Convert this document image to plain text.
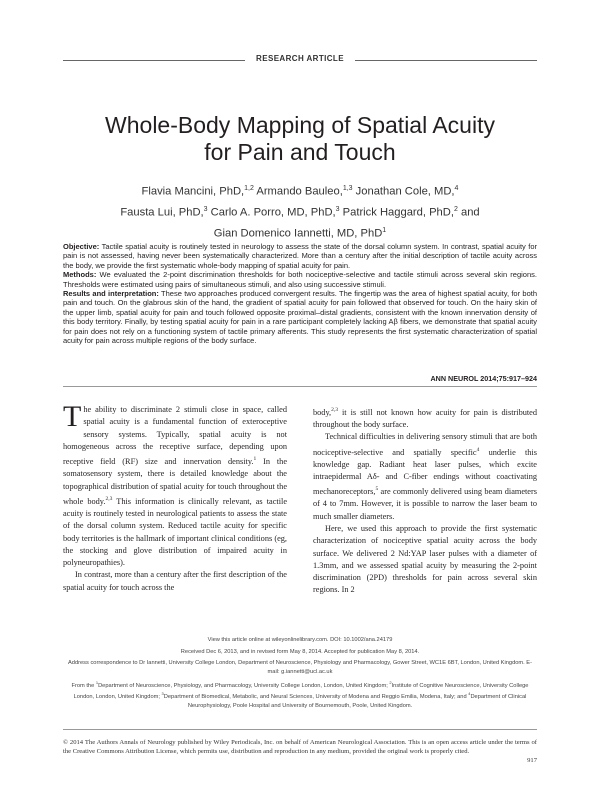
RESEARCH ARTICLE
Whole-Body Mapping of Spatial Acuity
for Pain and Touch
Flavia Mancini, PhD,$^{1,2}$ Armando Bauleo,$^{1,3}$ Jonathan Cole, MD,$^4$
Fausta Lui, PhD,$^3$ Carlo A. Porro, MD, PhD,$^3$ Patrick Haggard, PhD,$^2$ and
Gian Domenico Iannetti, MD, PhD$^1$

Objective: Tactile spatial acuity is routinely tested in neurology to assess the state of the dorsal column system. In contrast, spatial acuity for pain is not assessed, having never been systematically characterized. More than a century after the initial description of tactile acuity across the body, we provide the first systematic whole-body mapping of spatial acuity for pain.

Methods: We evaluated the 2-point discrimination thresholds for both nociceptive-selective and tactile stimuli across several skin regions. Thresholds were estimated using pairs of simultaneous stimuli, and also using successive stimuli.

Results and interpretation: These two approaches produced convergent results. The fingertip was the area of highest spatial acuity, for both pain and touch. On the glabrous skin of the hand, the gradient of spatial acuity for pain followed that observed for touch. On the hairy skin of the upper limb, spatial acuity for pain and touch followed opposite proximal–distal gradients, consistent with the known innervation density of this body territory. Finally, by testing spatial acuity for pain in a rare participant completely lacking Aβ fibers, we demonstrate that spatial acuity for pain does not rely on a functioning system of tactile primary afferents. This study represents the first systematic characterization of spatial acuity for pain across multiple regions of the body surface.

ANN NEUROL 2014;75:917–924

The ability to discriminate 2 stimuli close in space, called spatial acuity is a fundamental function of exteroceptive sensory systems. Typically, spatial acuity is not homogeneous across the receptive surface, depending upon receptive field (RF) size and innervation density.$^1$ In the somatosensory system, there is detailed knowledge about the topographical distribution of spatial acuity for touch throughout the whole body.$^{2,3}$ This information is clinically relevant, as tactile acuity is routinely tested in neurological patients to assess the state of the dorsal column system. Reduced tactile acuity for specific body territories is the hallmark of important clinical conditions (eg, the stocking and glove distribution of impaired acuity in polyneuropathies).

In contrast, more than a century after the first description of the spatial acuity for touch across the

body,$^{2,3}$ it is still not known how acuity for pain is distributed throughout the body surface.

Technical difficulties in delivering sensory stimuli that are both nociceptive-selective and spatially specific$^4$ underlie this knowledge gap. Radiant heat laser pulses, which excite intraepidermal Aδ- and C-fiber endings without coactivating mechanoreceptors,$^5$ are commonly delivered using beam diameters of 4 to 7mm. However, it is possible to narrow the laser beam to much smaller diameters.

Here, we used this approach to provide the first systematic characterization of nociceptive spatial acuity across the body surface. We delivered 2 Nd:YAP laser pulses with a diameter of 1.3mm, and we assessed spatial acuity by measuring the 2-point discrimination (2PD) thresholds for pain across several skin regions. In 2

View this article online at wileyonlinelibrary.com. DOI: 10.1002/ana.24179

Received Dec 6, 2013, and in revised form May 8, 2014. Accepted for publication May 8, 2014.

Address correspondence to Dr Iannetti, University College London, Department of Neuroscience, Physiology and Pharmacology, Gower Street, WC1E 6BT, London, United Kingdom. E-mail: g.iannetti@ucl.ac.uk

From the $^1$Department of Neuroscience, Physiology, and Pharmacology, University College London, London, United Kingdom; $^2$Institute of Cognitive Neuroscience, University College London, London, United Kingdom; $^3$Department of Biomedical, Metabolic, and Neural Sciences, University of Modena and Reggio Emilia, Modena, Italy; and $^4$Department of Clinical Neurophysiology, Poole Hospital and University of Bournemouth, Poole, United Kingdom.

© 2014 The Authors Annals of Neurology published by Wiley Periodicals, Inc. on behalf of American Neurological Association. This is an open access article under the terms of the Creative Commons Attribution License, which permits use, distribution and reproduction in any medium, provided the original work is properly cited.
917
